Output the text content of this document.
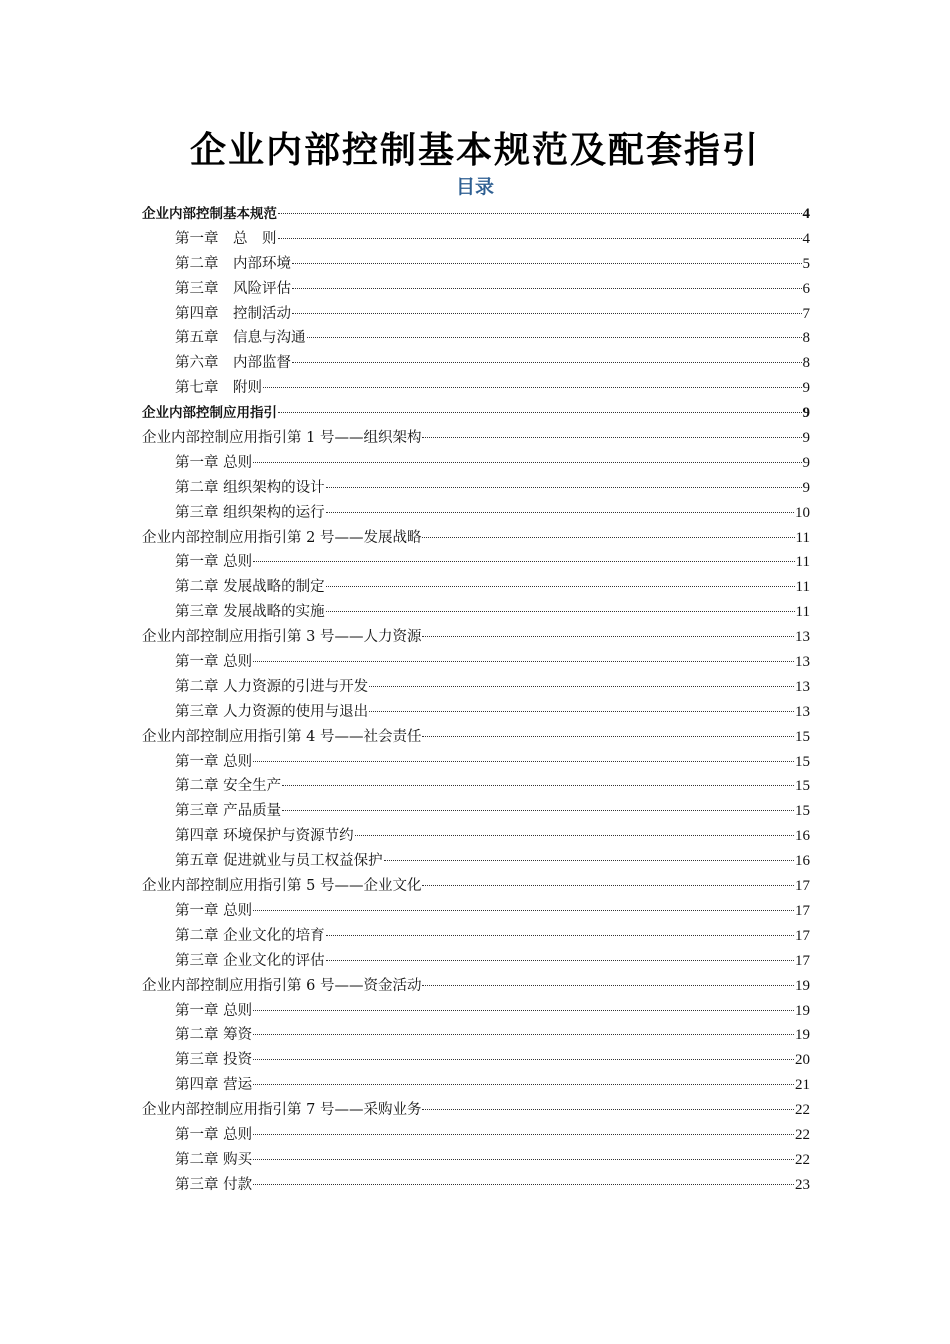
企业内部控制基本规范及配套指引
目录
企业内部控制基本规范	4
第一章　总　则	4
第二章　内部环境	5
第三章　风险评估	6
第四章　控制活动	7
第五章　信息与沟通	8
第六章　内部监督	8
第七章　附则	9
企业内部控制应用指引	9
企业内部控制应用指引第 1 号——组织架构	9
第一章 总则	9
第二章 组织架构的设计	9
第三章 组织架构的运行	10
企业内部控制应用指引第 2 号——发展战略	11
第一章 总则	11
第二章 发展战略的制定	11
第三章 发展战略的实施	11
企业内部控制应用指引第 3 号——人力资源	13
第一章 总则	13
第二章 人力资源的引进与开发	13
第三章 人力资源的使用与退出	13
企业内部控制应用指引第 4 号——社会责任	15
第一章 总则	15
第二章 安全生产	15
第三章 产品质量	15
第四章 环境保护与资源节约	16
第五章 促进就业与员工权益保护	16
企业内部控制应用指引第 5 号——企业文化	17
第一章 总则	17
第二章 企业文化的培育	17
第三章 企业文化的评估	17
企业内部控制应用指引第 6 号——资金活动	19
第一章 总则	19
第二章 筹资	19
第三章 投资	20
第四章 营运	21
企业内部控制应用指引第 7 号——采购业务	22
第一章 总则	22
第二章 购买	22
第三章 付款	23
